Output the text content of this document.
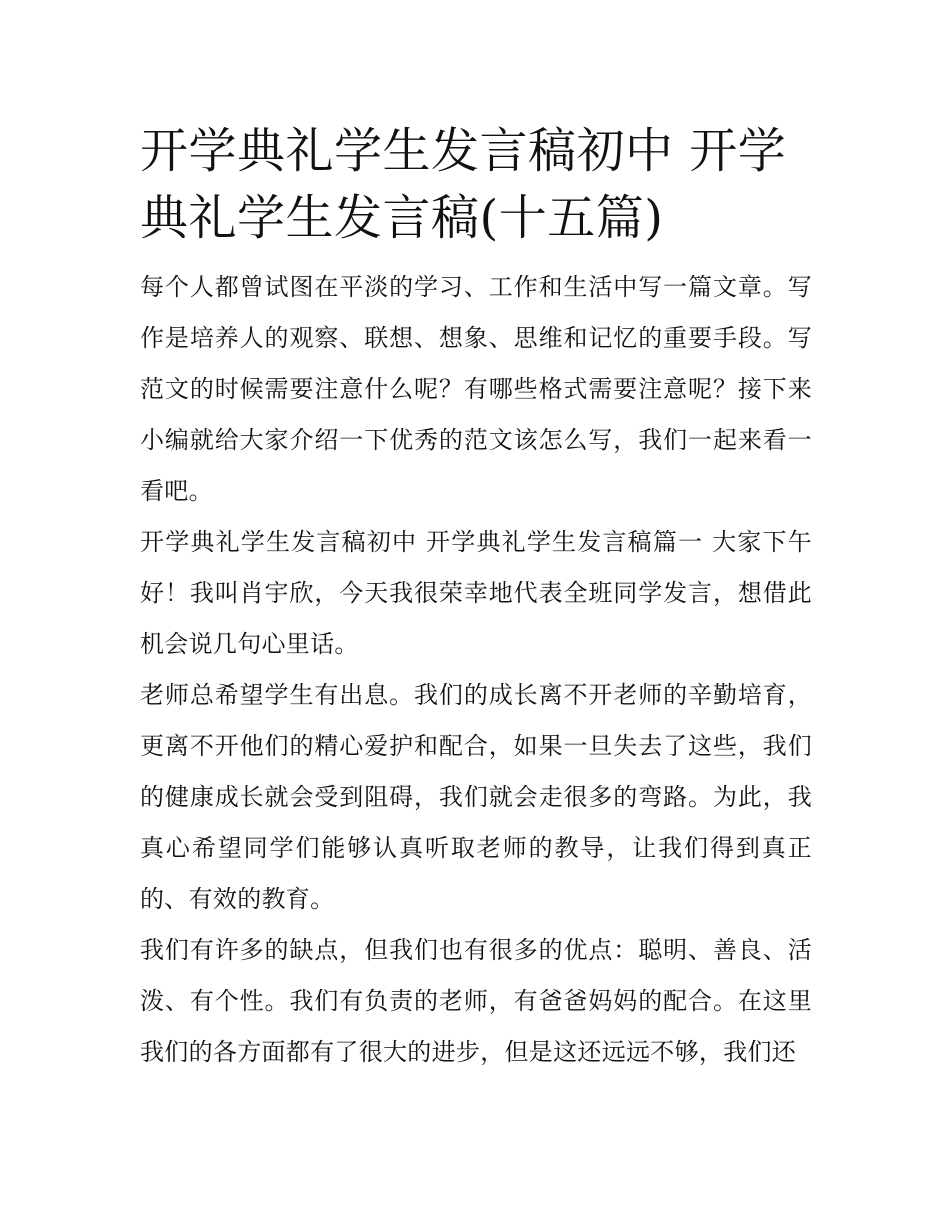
开学典礼学生发言稿初中 开学典礼学生发言稿(十五篇)

每个人都曾试图在平淡的学习、工作和生活中写一篇文章。写作是培养人的观察、联想、想象、思维和记忆的重要手段。写范文的时候需要注意什么呢？有哪些格式需要注意呢？接下来小编就给大家介绍一下优秀的范文该怎么写，我们一起来看一看吧。

开学典礼学生发言稿初中 开学典礼学生发言稿篇一 大家下午好！我叫肖宇欣，今天我很荣幸地代表全班同学发言，想借此机会说几句心里话。

老师总希望学生有出息。我们的成长离不开老师的辛勤培育，更离不开他们的精心爱护和配合，如果一旦失去了这些，我们的健康成长就会受到阻碍，我们就会走很多的弯路。为此，我真心希望同学们能够认真听取老师的教导，让我们得到真正的、有效的教育。

我们有许多的缺点，但我们也有很多的优点：聪明、善良、活泼、有个性。我们有负责的老师，有爸爸妈妈的配合。在这里我们的各方面都有了很大的进步，但是这还远远不够，我们还
